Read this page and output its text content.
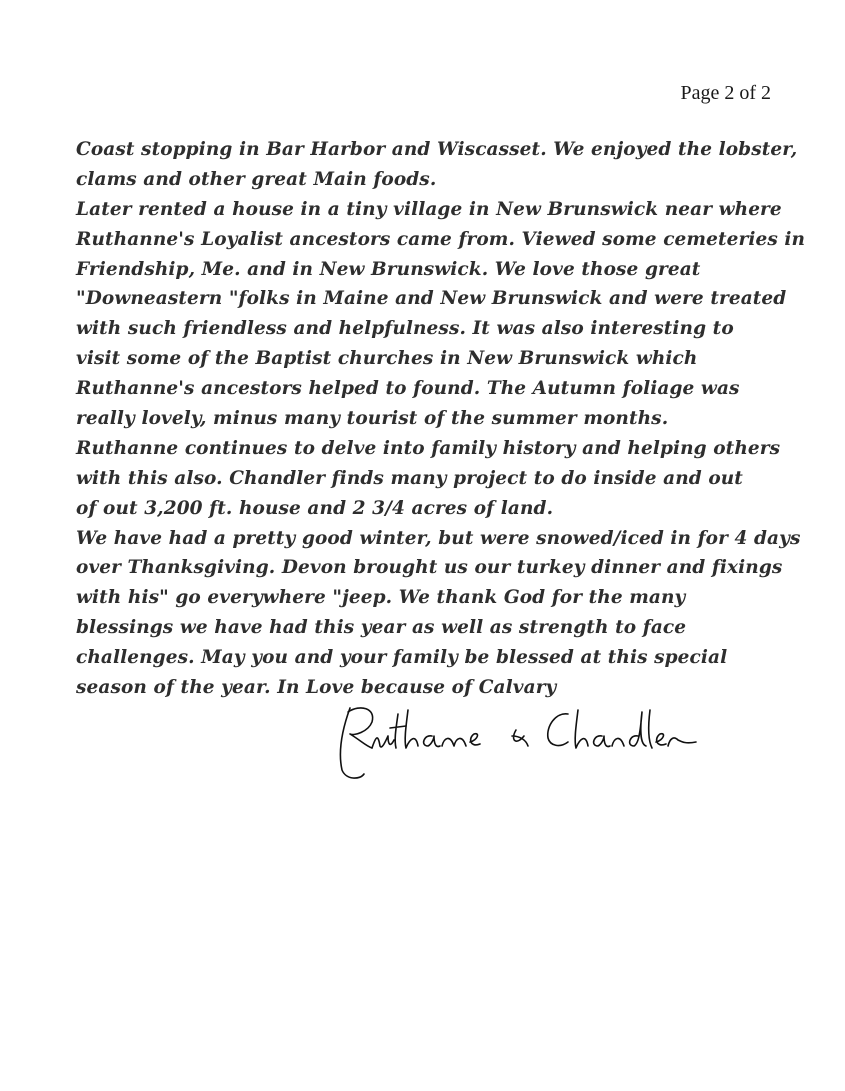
Page 2 of 2
Coast stopping in Bar Harbor and Wiscasset. We enjoyed the lobster,
clams and other great Main foods.
Later rented a house in a tiny village in New Brunswick near where
Ruthanne's Loyalist ancestors came from. Viewed some cemeteries in
Friendship, Me. and in New Brunswick. We love those great
"Downeastern "folks in Maine and New Brunswick and were treated
with such friendless and helpfulness. It was also interesting to
visit some of the Baptist churches in New Brunswick which
Ruthanne's ancestors helped to found. The Autumn foliage was
really lovely, minus many tourist of the summer months.
Ruthanne continues to delve into family history and helping others
with this also. Chandler finds many project to do inside and out
of out 3,200 ft. house and 2 3/4 acres of land.
We have had a pretty good winter, but were snowed/iced in for 4 days
over Thanksgiving. Devon brought us our turkey dinner and fixings
with his" go everywhere "jeep. We thank God for the many
blessings we have had this year as well as strength to face
challenges. May you and your family be blessed at this special
season of the year. In Love because of Calvary
